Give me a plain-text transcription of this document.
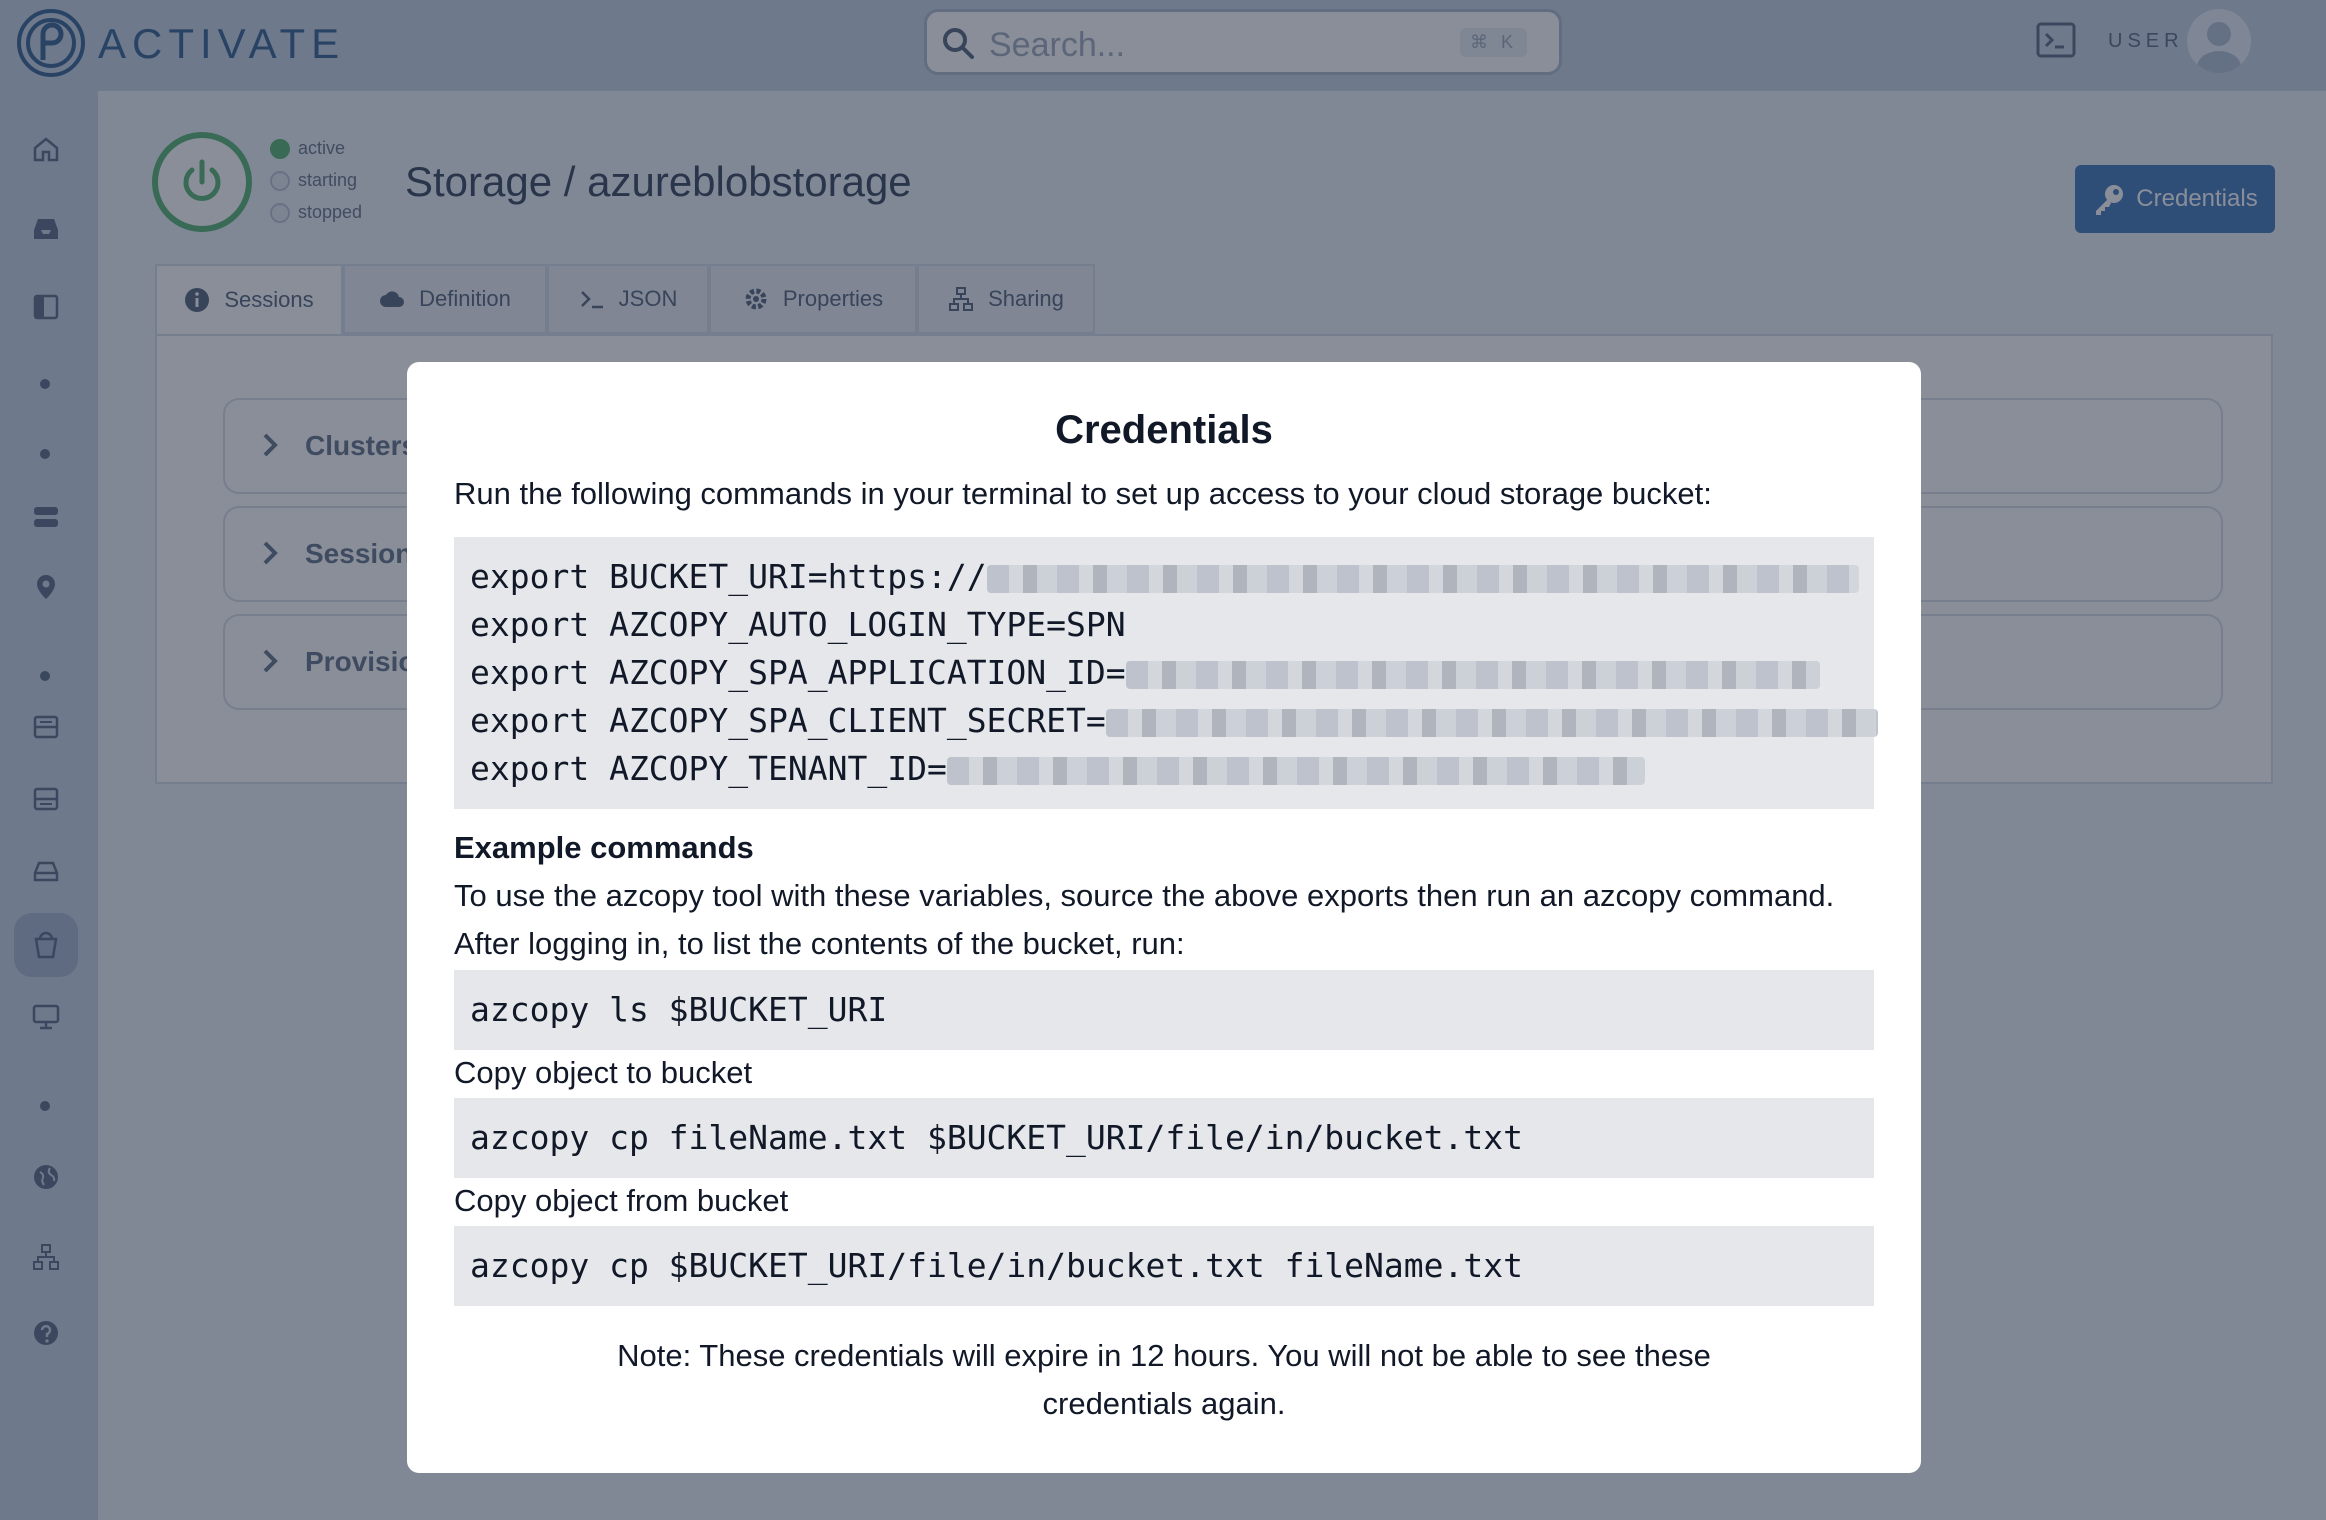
Credentials
Run the following commands in your terminal to set up access to your cloud storage bucket:
export BUCKET_URI=https://
export AZCOPY_AUTO_LOGIN_TYPE=SPN
export AZCOPY_SPA_APPLICATION_ID=
export AZCOPY_SPA_CLIENT_SECRET=
export AZCOPY_TENANT_ID=
Example commands
To use the azcopy tool with these variables, source the above exports then run an azcopy command.
After logging in, to list the contents of the bucket, run:
azcopy ls $BUCKET_URI
Copy object to bucket
azcopy cp fileName.txt $BUCKET_URI/file/in/bucket.txt
Copy object from bucket
azcopy cp $BUCKET_URI/file/in/bucket.txt fileName.txt
Note: These credentials will expire in 12 hours. You will not be able to see these credentials again.
